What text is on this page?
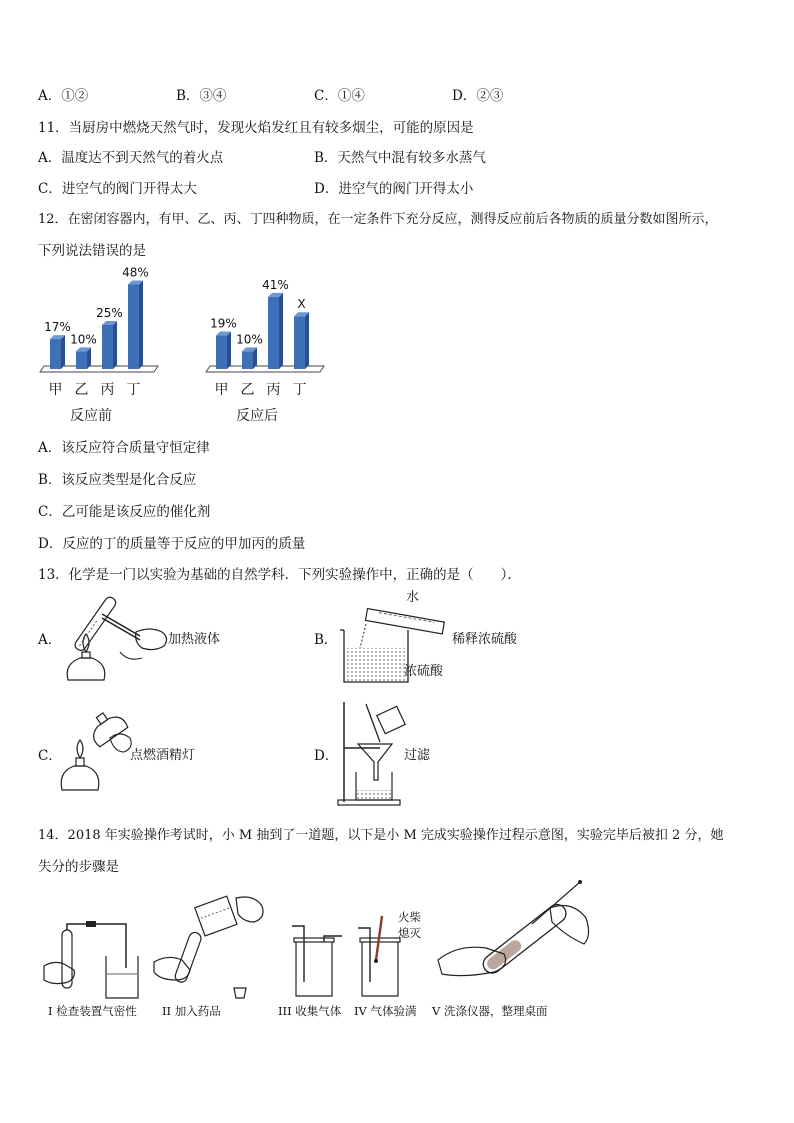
A．①②	B．③④	C．①④	D．②③
11．当厨房中燃烧天然气时，发现火焰发红且有较多烟尘，可能的原因是
A．温度达不到天然气的着火点	B．天然气中混有较多水蒸气
C．进空气的阀门开得太大	D．进空气的阀门开得太小
12．在密闭容器内，有甲、乙、丙、丁四种物质，在一定条件下充分反应，测得反应前后各物质的质量分数如图所示，
下列说法错误的是
17%
甲
10%
乙
25%
丙
48%
丁
反应前
19%
甲
10%
乙
41%
丙
X
丁
反应后
A．该反应符合质量守恒定律
B．该反应类型是化合反应
C．乙可能是该反应的催化剂
D．反应的丁的质量等于反应的甲加丙的质量
13．化学是一门以实验为基础的自然学科．下列实验操作中，正确的是（　　）．
A．	加热液体	B．
水
稀释浓硫酸
浓硫酸
C．	点燃酒精灯	D．	过滤
14．2018 年实验操作考试时，小 M 抽到了一道题，以下是小 M 完成实验操作过程示意图，实验完毕后被扣 2 分，她
失分的步骤是
I 检查装置气密性 II 加入药品	III 收集气体
火柴
熄灭
IV 气体验满 V 洗涤仪器，整理桌面
